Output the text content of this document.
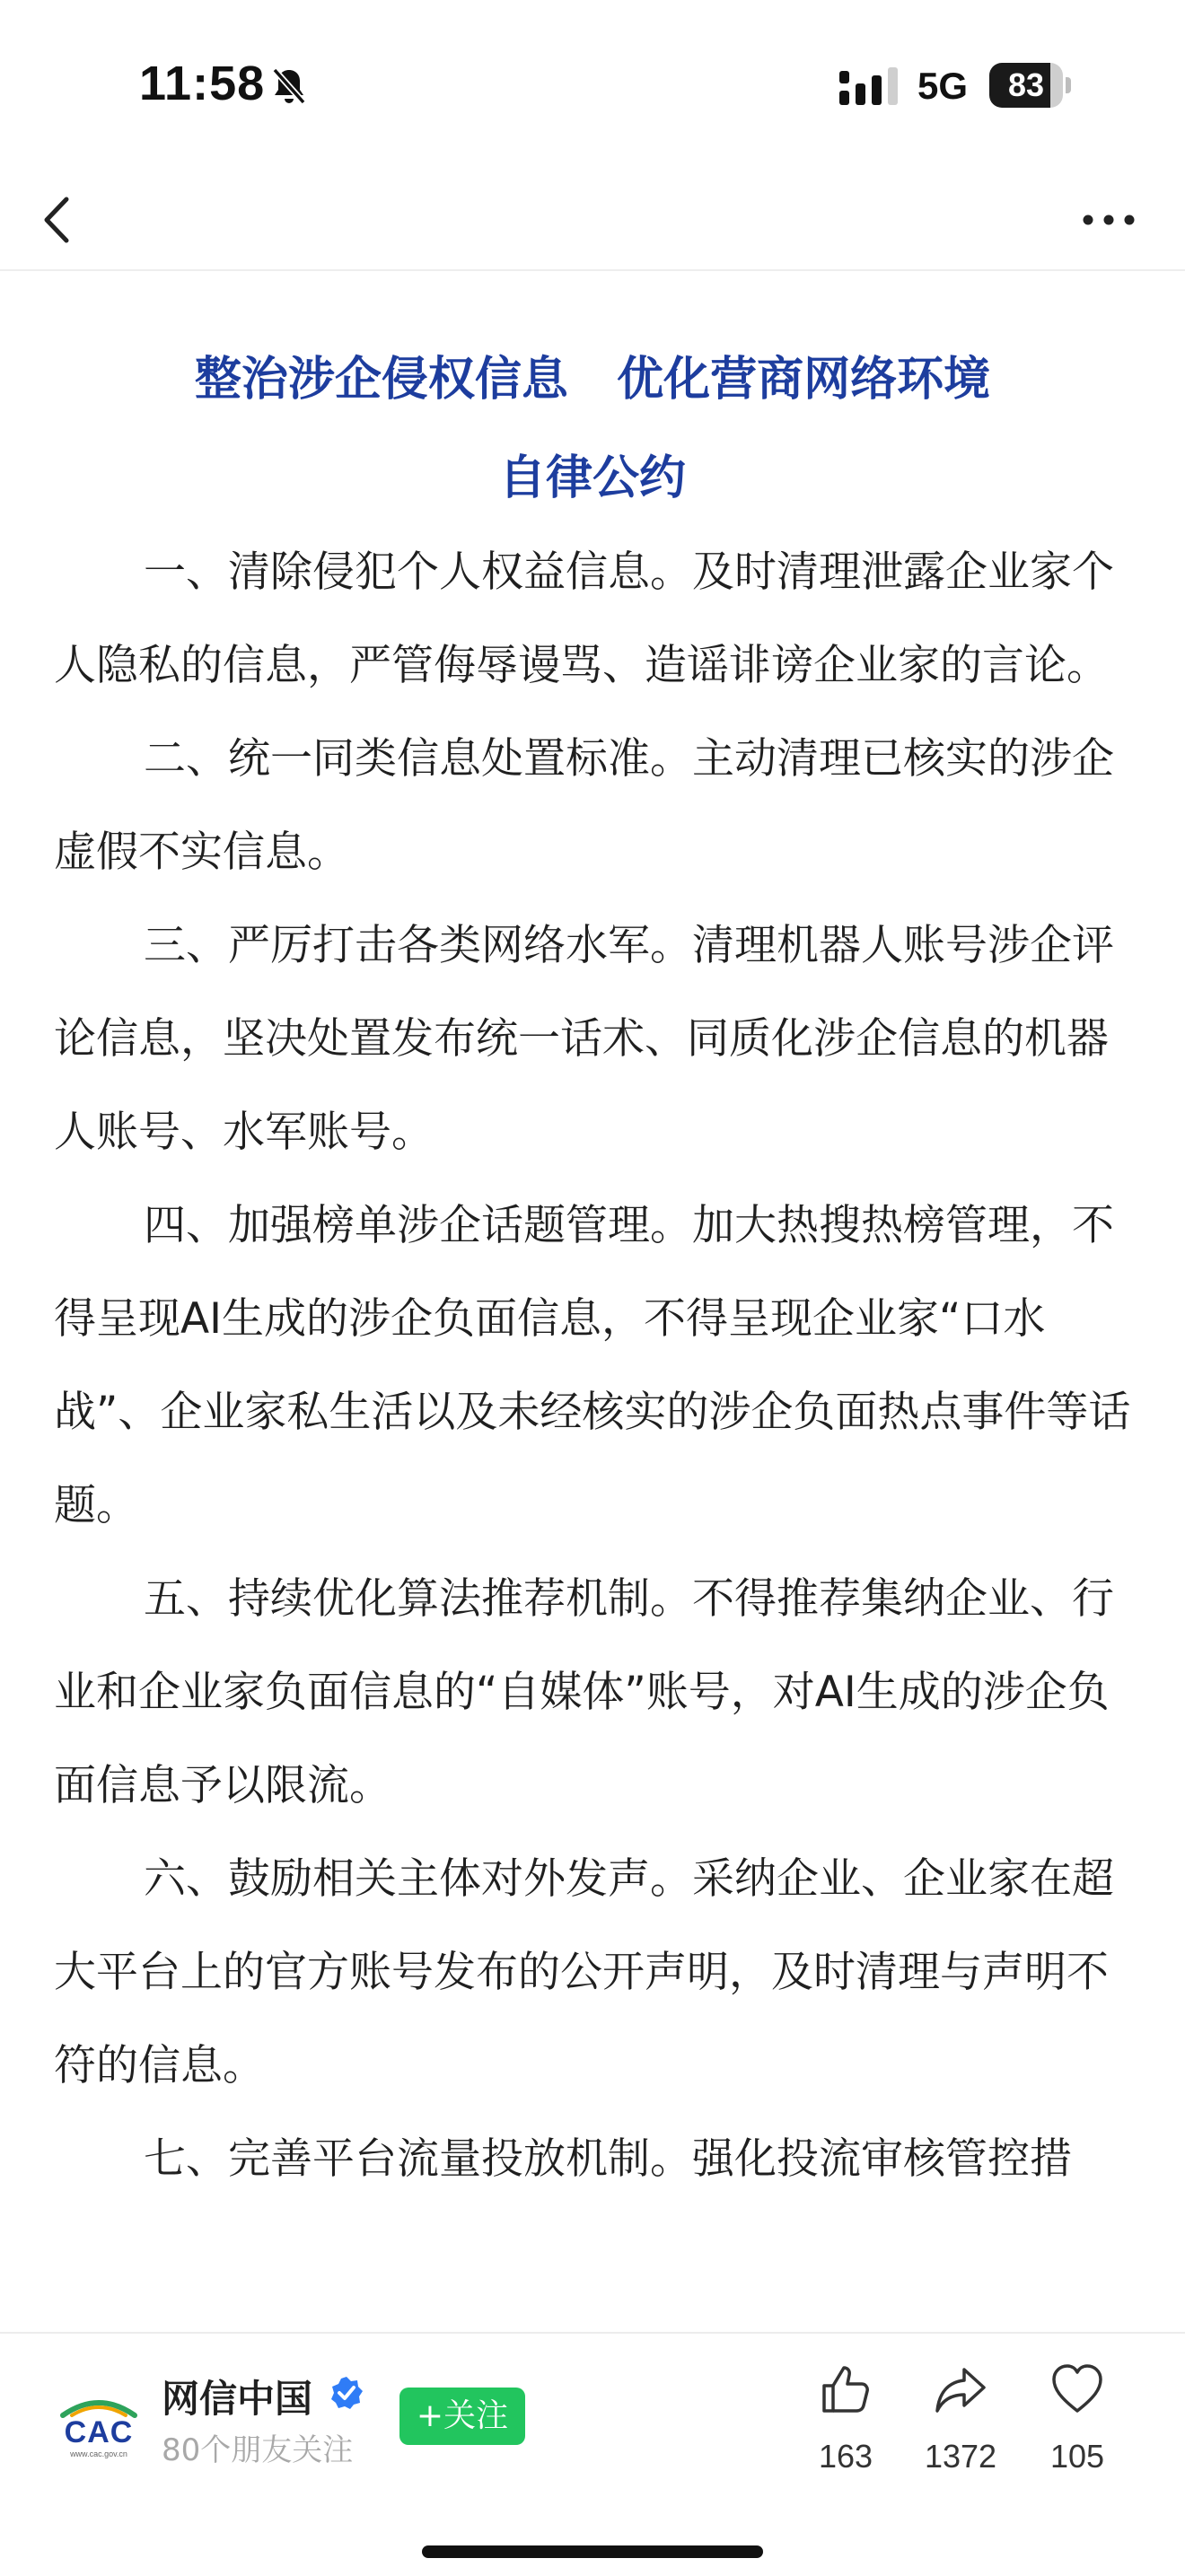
11:58	5G	83
整治涉企侵权信息   优化营商网络环境
自律公约

一、清除侵犯个人权益信息。及时清理泄露企业家个人隐私的信息，严管侮辱谩骂、造谣诽谤企业家的言论。

二、统一同类信息处置标准。主动清理已核实的涉企虚假不实信息。

三、严厉打击各类网络水军。清理机器人账号涉企评论信息，坚决处置发布统一话术、同质化涉企信息的机器人账号、水军账号。

四、加强榜单涉企话题管理。加大热搜热榜管理，不得呈现AI生成的涉企负面信息，不得呈现企业家“口水战”、企业家私生活以及未经核实的涉企负面热点事件等话题。

五、持续优化算法推荐机制。不得推荐集纳企业、行业和企业家负面信息的“自媒体”账号，对AI生成的涉企负面信息予以限流。

六、鼓励相关主体对外发声。采纳企业、企业家在超大平台上的官方账号发布的公开声明，及时清理与声明不符的信息。

七、完善平台流量投放机制。强化投流审核管控措

CAC
www.cac.gov.cn
网信中国
80个朋友关注
+关注
163	1372	105
